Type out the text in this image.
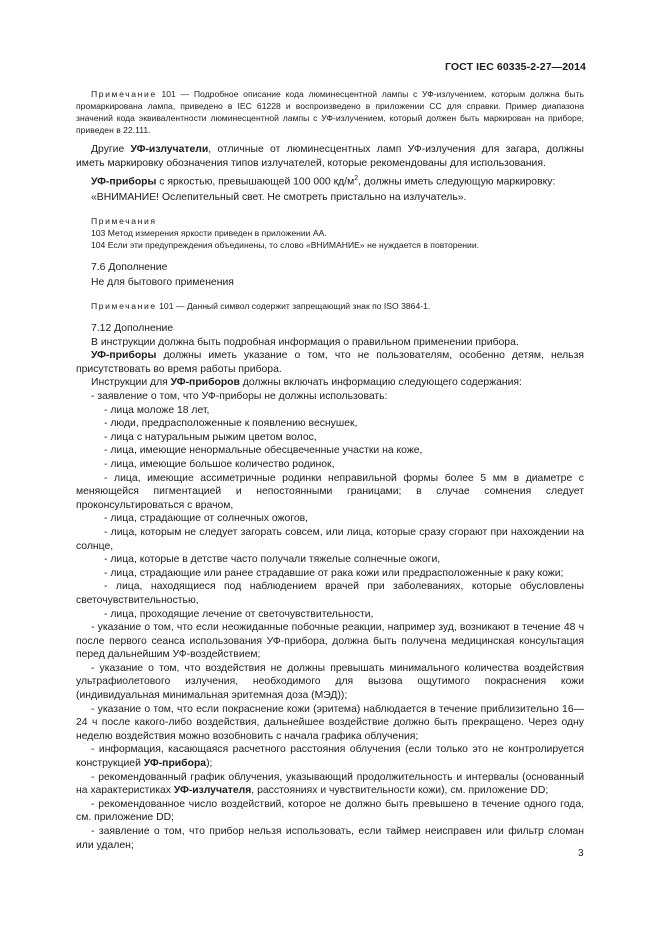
ГОСТ IEC 60335-2-27—2014

Примечание 101 — Подробное описание кода люминесцентной лампы с УФ-излучением, которым должна быть промаркирована лампа, приведено в IEC 61228 и воспроизведено в приложении СС для справки. Пример диапазона значений кода эквивалентности люминесцентной лампы с УФ-излучением, который должен быть маркирован на приборе, приведен в 22.111.

Другие УФ-излучатели, отличные от люминесцентных ламп УФ-излучения для загара, должны иметь маркировку обозначения типов излучателей, которые рекомендованы для использования.

УФ-приборы с яркостью, превышающей 100 000 $кд/м^2$, должны иметь следующую маркировку:

«ВНИМАНИЕ! Ослепительный свет. Не смотреть пристально на излучатель».

Примечания

103 Метод измерения яркости приведен в приложении АА.

104 Если эти предупреждения объединены, то слово «ВНИМАНИЕ» не нуждается в повторении.

7.6 Дополнение

Не для бытового применения

Примечание 101 — Данный символ содержит запрещающий знак по ISO 3864-1.

7.12 Дополнение

В инструкции должна быть подробная информация о правильном применении прибора.

УФ-приборы должны иметь указание о том, что не пользователям, особенно детям, нельзя присутствовать во время работы прибора.

Инструкции для УФ-приборов должны включать информацию следующего содержания:

- заявление о том, что УФ-приборы не должны использовать:

- лица моложе 18 лет,

- люди, предрасположенные к появлению веснушек,

- лица с натуральным рыжим цветом волос,

- лица, имеющие ненормальные обесцвеченные участки на коже,

- лица, имеющие большое количество родинок,

- лица, имеющие ассиметричные родинки неправильной формы более 5 мм в диаметре с меняющейся пигментацией и непостоянными границами; в случае сомнения следует проконсультироваться с врачом,

- лица, страдающие от солнечных ожогов,

- лица, которым не следует загорать совсем, или лица, которые сразу сгорают при нахождении на солнце,

- лица, которые в детстве часто получали тяжелые солнечные ожоги,

- лица, страдающие или ранее страдавшие от рака кожи или предрасположенные к раку кожи;

- лица, находящиеся под наблюдением врачей при заболеваниях, которые обусловлены светочувствительностью,

- лица, проходящие лечение от светочувствительности,

- указание о том, что если неожиданные побочные реакции, например зуд, возникают в течение 48 ч после первого сеанса использования УФ-прибора, должна быть получена медицинская консультация перед дальнейшим УФ-воздействием;

- указание о том, что воздействия не должны превышать минимального количества воздействия ультрафиолетового излучения, необходимого для вызова ощутимого покраснения кожи (индивидуальная минимальная эритемная доза (МЭД));

- указание о том, что если покраснение кожи (эритема) наблюдается в течение приблизительно 16—24 ч после какого-либо воздействия, дальнейшее воздействие должно быть прекращено. Через одну неделю воздействия можно возобновить с начала графика облучения;

- информация, касающаяся расчетного расстояния облучения (если только это не контролируется конструкцией УФ-прибора);

- рекомендованный график облучения, указывающий продолжительность и интервалы (основанный на характеристиках УФ-излучателя, расстояниях и чувствительности кожи), см. приложение DD;

- рекомендованное число воздействий, которое не должно быть превышено в течение одного года, см. приложение DD;

- заявление о том, что прибор нельзя использовать, если таймер неисправен или фильтр сломан или удален;

3
